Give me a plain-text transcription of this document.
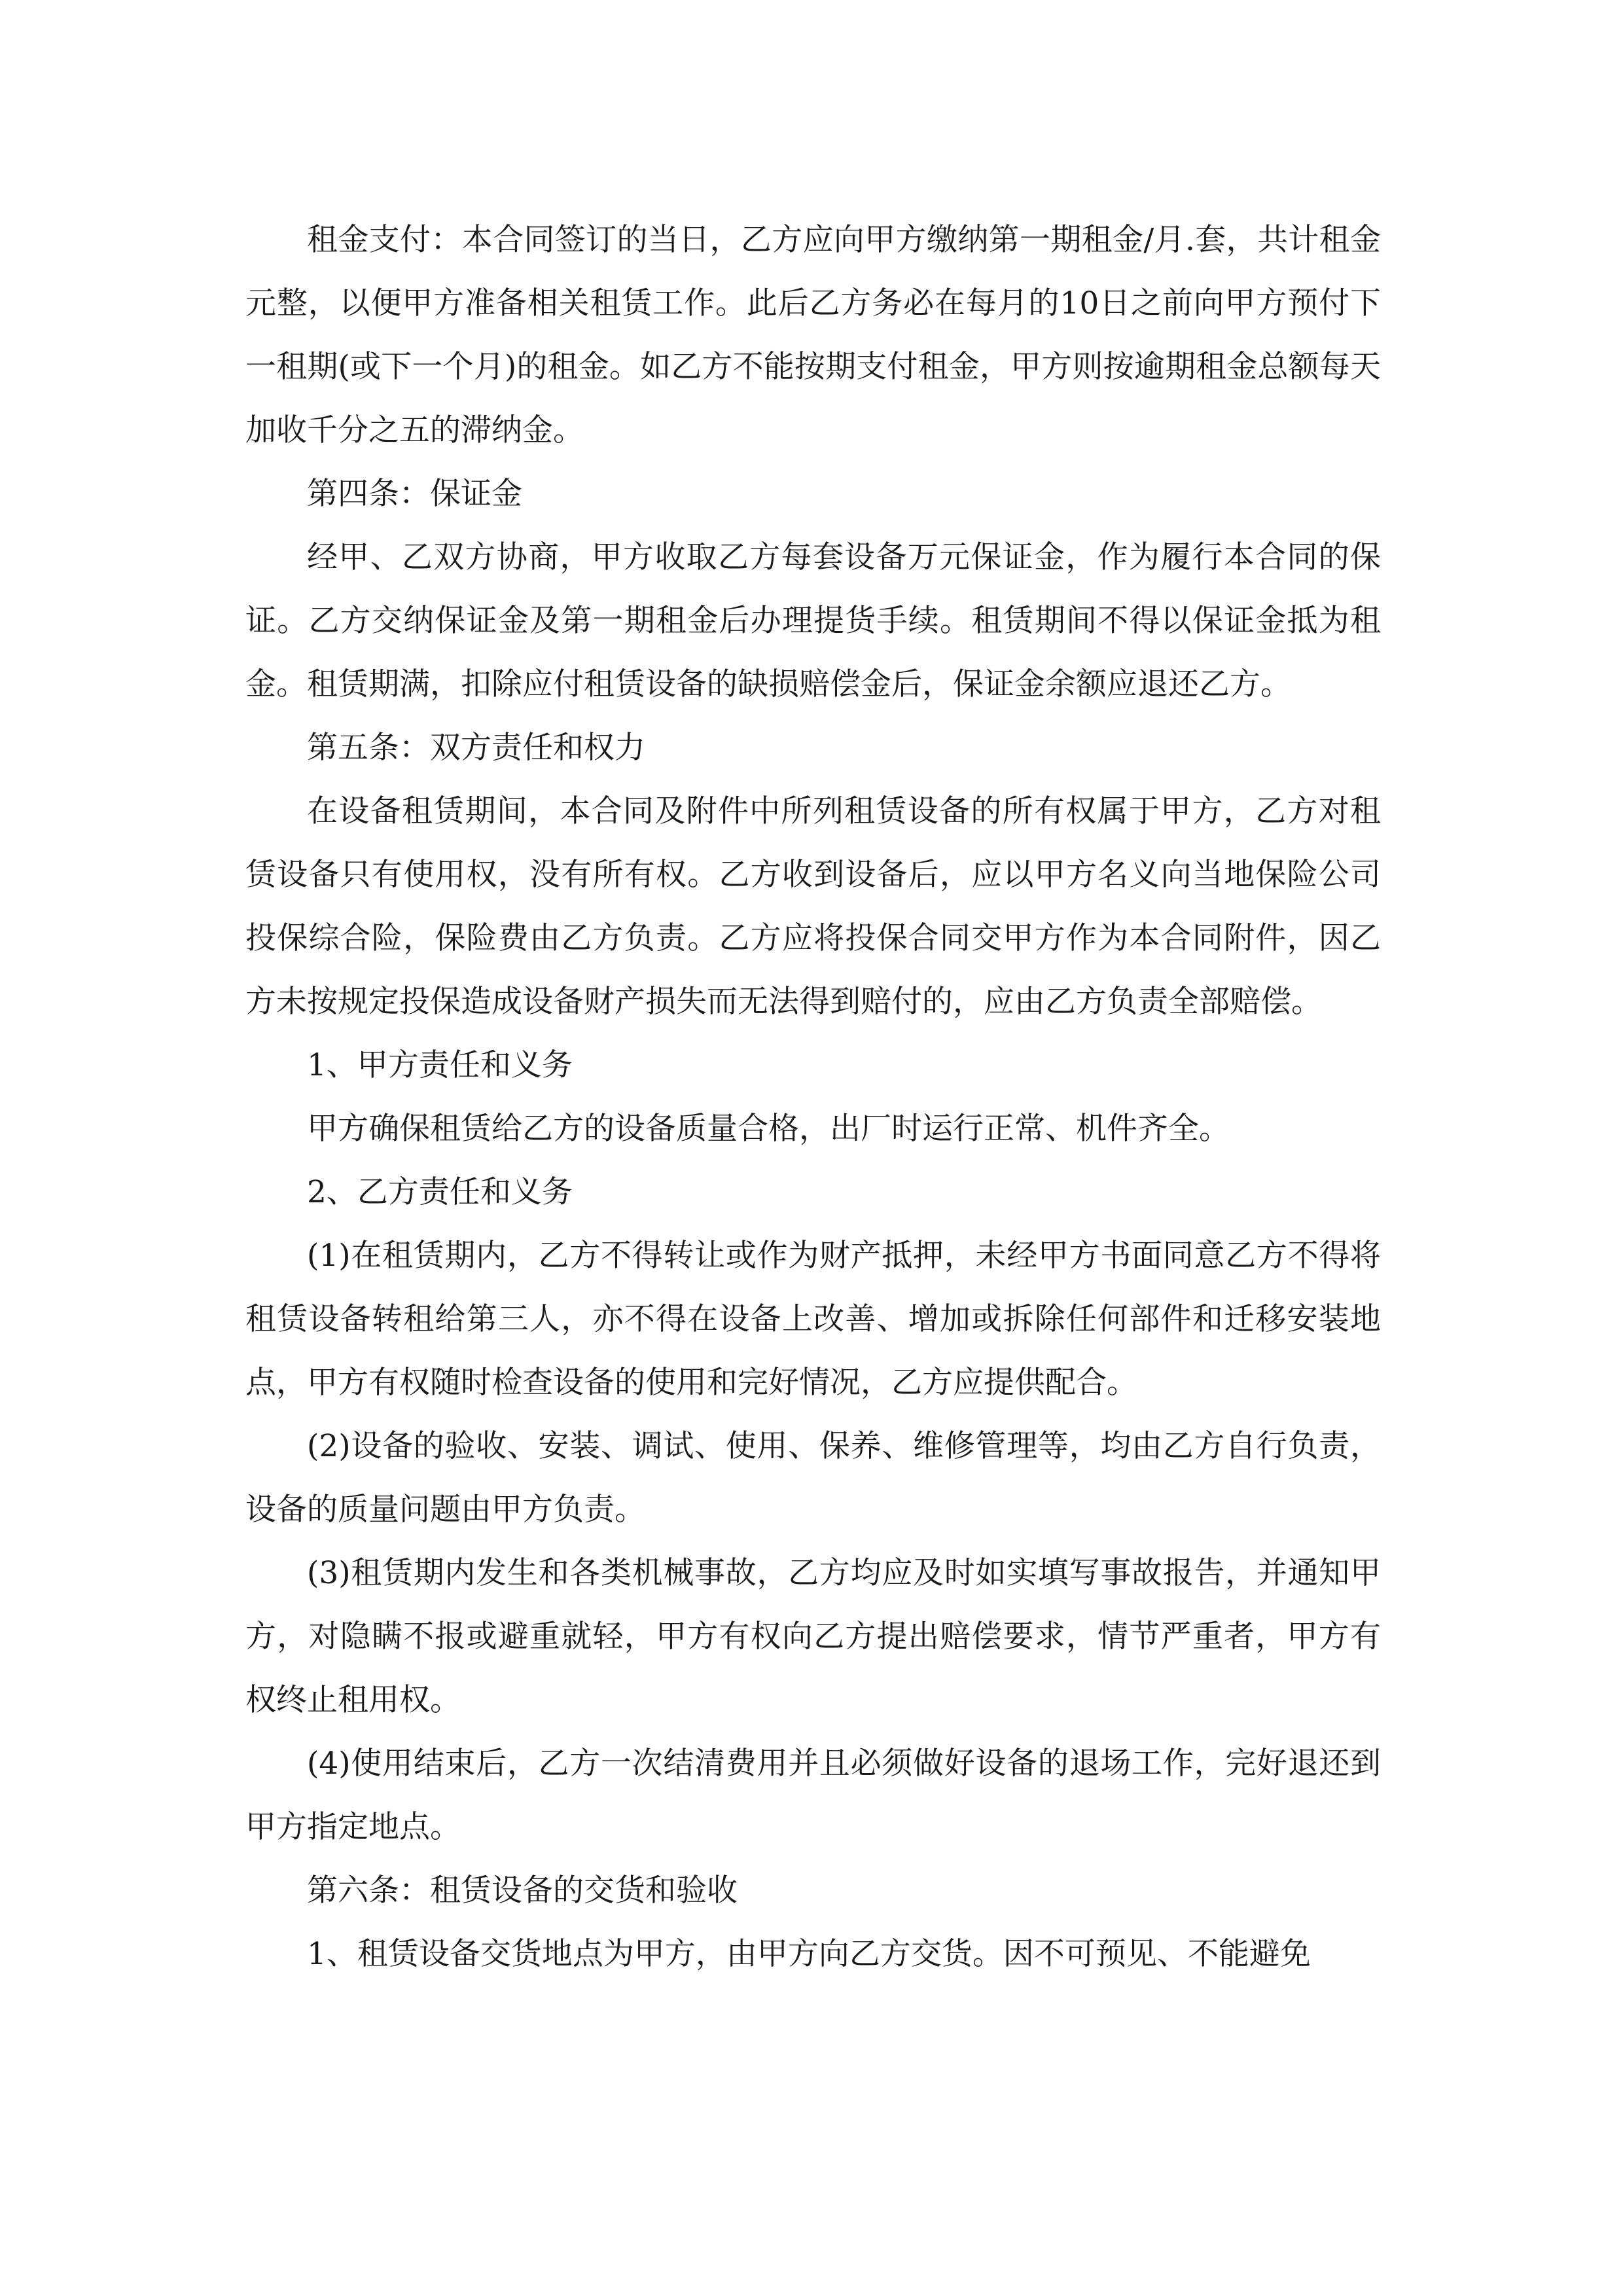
租金支付：本合同签订的当日，乙方应向甲方缴纳第一期租金/月.套，共计租金元整，以便甲方准备相关租赁工作。此后乙方务必在每月的10日之前向甲方预付下一租期(或下一个月)的租金。如乙方不能按期支付租金，甲方则按逾期租金总额每天加收千分之五的滞纳金。

第四条：保证金

经甲、乙双方协商，甲方收取乙方每套设备万元保证金，作为履行本合同的保证。乙方交纳保证金及第一期租金后办理提货手续。租赁期间不得以保证金抵为租金。租赁期满，扣除应付租赁设备的缺损赔偿金后，保证金余额应退还乙方。

第五条：双方责任和权力

在设备租赁期间，本合同及附件中所列租赁设备的所有权属于甲方，乙方对租赁设备只有使用权，没有所有权。乙方收到设备后，应以甲方名义向当地保险公司投保综合险，保险费由乙方负责。乙方应将投保合同交甲方作为本合同附件，因乙方未按规定投保造成设备财产损失而无法得到赔付的，应由乙方负责全部赔偿。

1、甲方责任和义务

甲方确保租赁给乙方的设备质量合格，出厂时运行正常、机件齐全。

2、乙方责任和义务

(1)在租赁期内，乙方不得转让或作为财产抵押，未经甲方书面同意乙方不得将租赁设备转租给第三人，亦不得在设备上改善、增加或拆除任何部件和迁移安装地点，甲方有权随时检查设备的使用和完好情况，乙方应提供配合。

(2)设备的验收、安装、调试、使用、保养、维修管理等，均由乙方自行负责，设备的质量问题由甲方负责。

(3)租赁期内发生和各类机械事故，乙方均应及时如实填写事故报告，并通知甲方，对隐瞒不报或避重就轻，甲方有权向乙方提出赔偿要求，情节严重者，甲方有权终止租用权。

(4)使用结束后，乙方一次结清费用并且必须做好设备的退场工作，完好退还到甲方指定地点。

第六条：租赁设备的交货和验收

1、租赁设备交货地点为甲方，由甲方向乙方交货。因不可预见、不能避免
